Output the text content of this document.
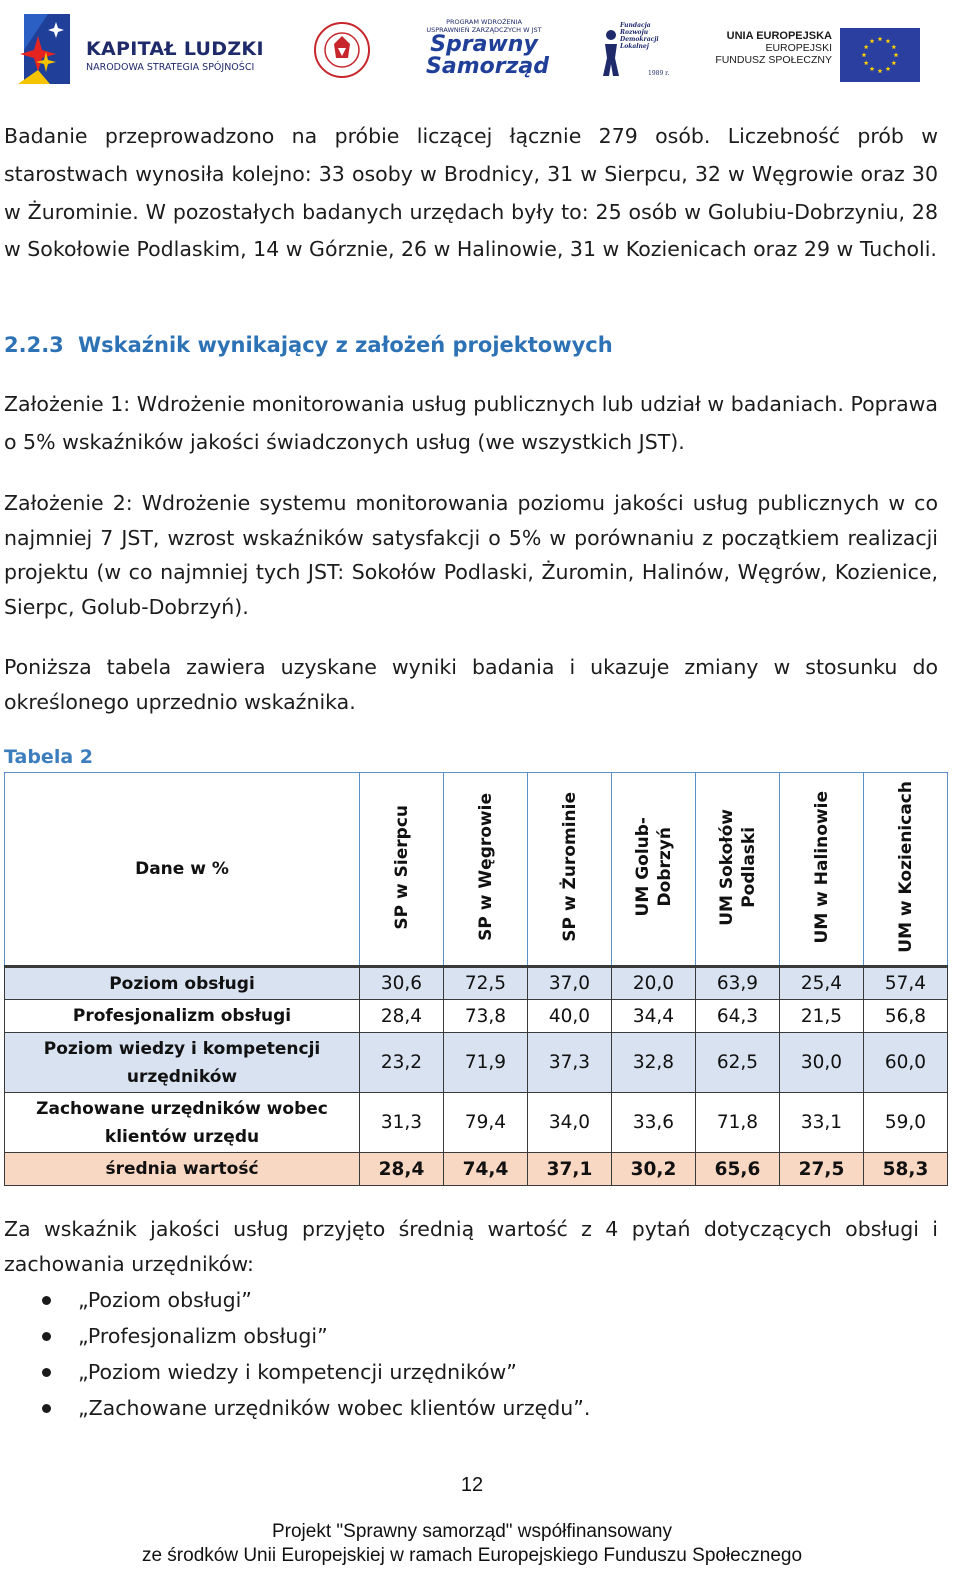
KAPITAŁ LUDZKI
NARODOWA STRATEGIA SPÓJNOŚCI
PROGRAM WDROŻENIA USPRAWNIEŃ ZARZĄDCZYCH W JST
Sprawny
Samorząd
Fundacja Rozwoju Demokracji Lokalnej
1989 r.
UNIA EUROPEJSKA
EUROPEJSKI
FUNDUSZ SPOŁECZNY

Badanie przeprowadzono na próbie liczącej łącznie 279 osób. Liczebność prób w starostwach wynosiła kolejno: 33 osoby w Brodnicy, 31 w Sierpcu, 32 w Węgrowie oraz 30 w Żurominie. W pozostałych badanych urzędach były to: 25 osób w Golubiu-Dobrzyniu, 28 w Sokołowie Podlaskim, 14 w Górznie, 26 w Halinowie, 31 w Kozienicach oraz 29 w Tucholi.

2.2.3 Wskaźnik wynikający z założeń projektowych

Założenie 1: Wdrożenie monitorowania usług publicznych lub udział w badaniach. Poprawa o 5% wskaźników jakości świadczonych usług (we wszystkich JST).

Założenie 2: Wdrożenie systemu monitorowania poziomu jakości usług publicznych w co najmniej 7 JST, wzrost wskaźników satysfakcji o 5% w porównaniu z początkiem realizacji projektu (w co najmniej tych JST: Sokołów Podlaski, Żuromin, Halinów, Węgrów, Kozienice, Sierpc, Golub-Dobrzyń).

Poniższa tabela zawiera uzyskane wyniki badania i ukazuje zmiany w stosunku do określonego uprzednio wskaźnika.

Tabela 2
Dane w %	SP w Sierpcu	SP w Węgrowie	SP w Żurominie	UM Golub-
Dobrzyń	UM Sokołów
Podlaski	UM w Halinowie	UM w Kozienicach
Poziom obsługi	30,6	72,5	37,0	20,0	63,9	25,4	57,4
Profesjonalizm obsługi	28,4	73,8	40,0	34,4	64,3	21,5	56,8
Poziom wiedzy i kompetencji urzędników	23,2	71,9	37,3	32,8	62,5	30,0	60,0
Zachowane urzędników wobec klientów urzędu	31,3	79,4	34,0	33,6	71,8	33,1	59,0
średnia wartość	28,4	74,4	37,1	30,2	65,6	27,5	58,3

Za wskaźnik jakości usług przyjęto średnią wartość z 4 pytań dotyczących obsługi i zachowania urzędników:

„Poziom obsługi”
„Profesjonalizm obsługi”
„Poziom wiedzy i kompetencji urzędników”
„Zachowane urzędników wobec klientów urzędu”.
12
Projekt "Sprawny samorząd" współfinansowany
ze środków Unii Europejskiej w ramach Europejskiego Funduszu Społecznego
